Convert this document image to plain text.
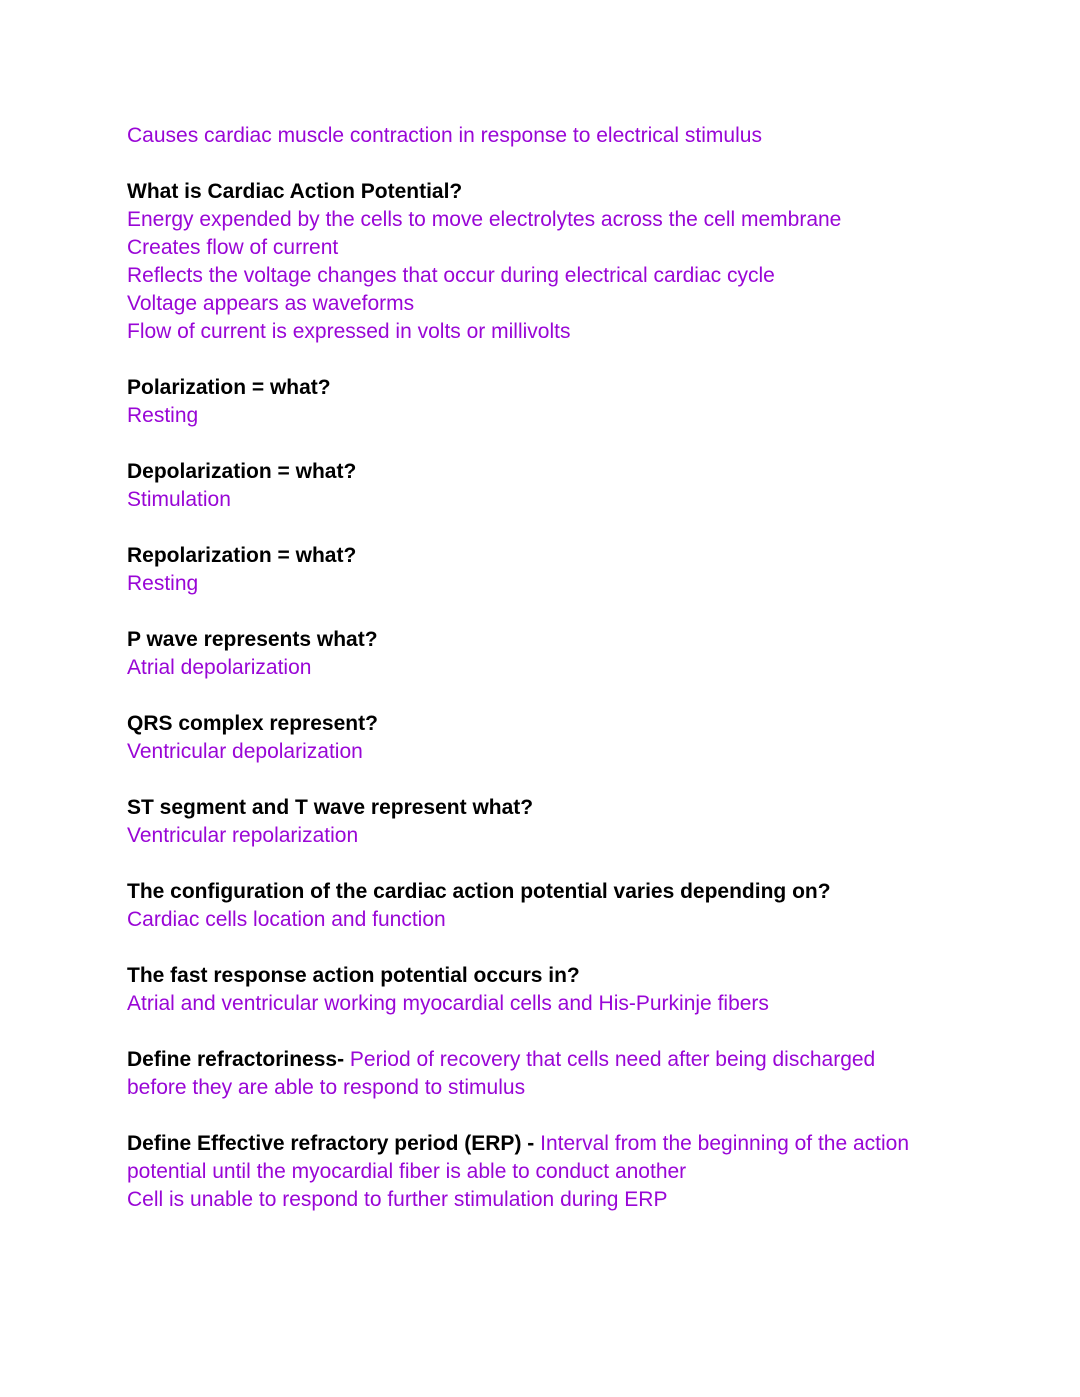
Causes cardiac muscle contraction in response to electrical stimulus
What is Cardiac Action Potential?
Energy expended by the cells to move electrolytes across the cell membrane
Creates flow of current
Reflects the voltage changes that occur during electrical cardiac cycle
Voltage appears as waveforms
Flow of current is expressed in volts or millivolts
Polarization = what?
Resting
Depolarization = what?
Stimulation
Repolarization = what?
Resting
P wave represents what?
Atrial depolarization
QRS complex represent?
Ventricular depolarization
ST segment and T wave represent what?
Ventricular repolarization
The configuration of the cardiac action potential varies depending on?
Cardiac cells location and function
The fast response action potential occurs in?
Atrial and ventricular working myocardial cells and His-Purkinje fibers
Define refractoriness- Period of recovery that cells need after being discharged before they are able to respond to stimulus
Define Effective refractory period (ERP) - Interval from the beginning of the action potential until the myocardial fiber is able to conduct another
Cell is unable to respond to further stimulation during ERP
